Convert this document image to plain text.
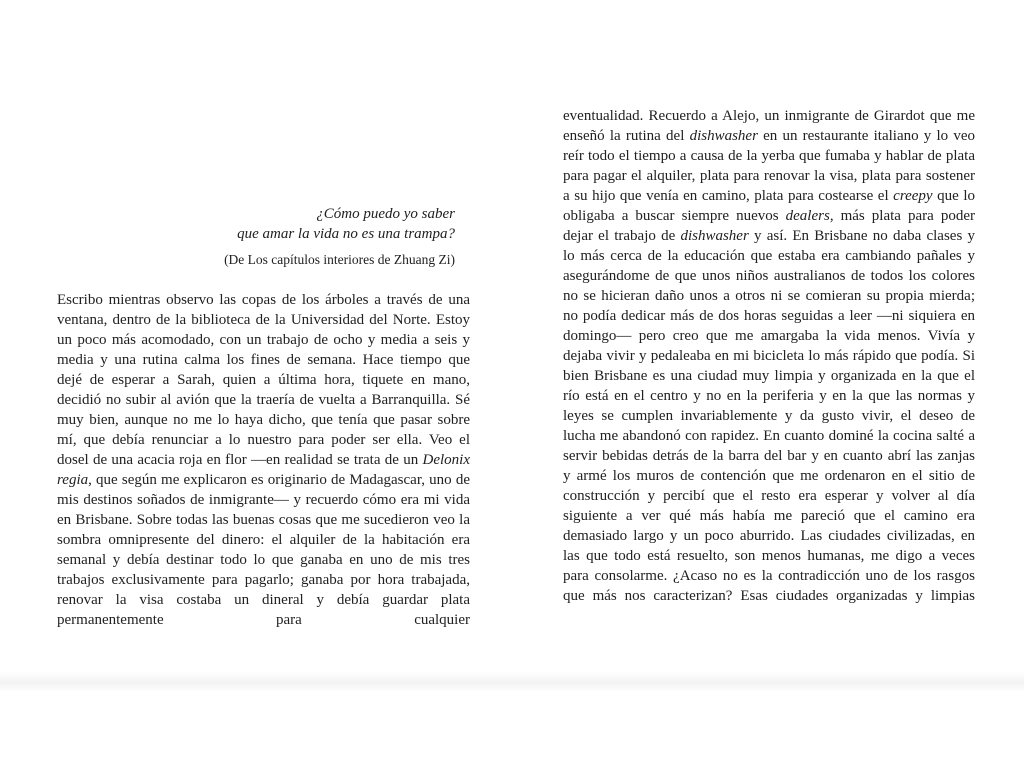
¿Cómo puedo yo saber
que amar la vida no es una trampa?
(De Los capítulos interiores de Zhuang Zi)
Escribo mientras observo las copas de los árboles a través de una ventana, dentro de la biblioteca de la Universidad del Norte. Estoy un poco más acomodado, con un trabajo de ocho y media a seis y media y una rutina calma los fines de semana. Hace tiempo que dejé de esperar a Sarah, quien a última hora, tiquete en mano, decidió no subir al avión que la traería de vuelta a Barranquilla. Sé muy bien, aunque no me lo haya dicho, que tenía que pasar sobre mí, que debía renunciar a lo nuestro para poder ser ella. Veo el dosel de una acacia roja en flor —en realidad se trata de un Delonix regia, que según me explicaron es originario de Madagascar, uno de mis destinos soñados de inmigrante— y recuerdo cómo era mi vida en Brisbane. Sobre todas las buenas cosas que me sucedieron veo la sombra omnipresente del dinero: el alquiler de la habitación era semanal y debía destinar todo lo que ganaba en uno de mis tres trabajos exclusivamente para pagarlo; ganaba por hora trabajada, renovar la visa costaba un dineral y debía guardar plata permanentemente para cualquier
eventualidad. Recuerdo a Alejo, un inmigrante de Girardot que me enseñó la rutina del dishwasher en un restaurante italiano y lo veo reír todo el tiempo a causa de la yerba que fumaba y hablar de plata para pagar el alquiler, plata para renovar la visa, plata para sostener a su hijo que venía en camino, plata para costearse el creepy que lo obligaba a buscar siempre nuevos dealers, más plata para poder dejar el trabajo de dishwasher y así. En Brisbane no daba clases y lo más cerca de la educación que estaba era cambiando pañales y asegurándome de que unos niños australianos de todos los colores no se hicieran daño unos a otros ni se comieran su propia mierda; no podía dedicar más de dos horas seguidas a leer —ni siquiera en domingo— pero creo que me amargaba la vida menos. Vivía y dejaba vivir y pedaleaba en mi bicicleta lo más rápido que podía. Si bien Brisbane es una ciudad muy limpia y organizada en la que el río está en el centro y no en la periferia y en la que las normas y leyes se cumplen invariablemente y da gusto vivir, el deseo de lucha me abandonó con rapidez. En cuanto dominé la cocina salté a servir bebidas detrás de la barra del bar y en cuanto abrí las zanjas y armé los muros de contención que me ordenaron en el sitio de construcción y percibí que el resto era esperar y volver al día siguiente a ver qué más había me pareció que el camino era demasiado largo y un poco aburrido. Las ciudades civilizadas, en las que todo está resuelto, son menos humanas, me digo a veces para consolarme. ¿Acaso no es la contradicción uno de los rasgos que más nos caracterizan? Esas ciudades organizadas y limpias
